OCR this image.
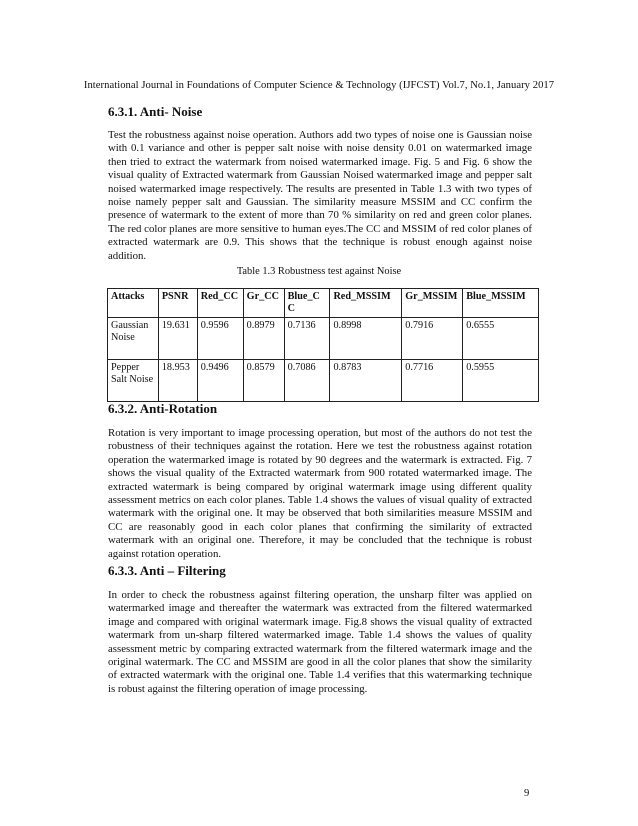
International Journal in Foundations of Computer Science & Technology (IJFCST) Vol.7, No.1, January 2017
6.3.1. Anti- Noise
Test the robustness against noise operation. Authors add two types of noise one is Gaussian noise with 0.1 variance and other is pepper salt noise with noise density 0.01 on watermarked image then tried to extract the watermark from noised watermarked image. Fig. 5 and Fig. 6 show the visual quality of Extracted watermark from Gaussian Noised watermarked image and pepper salt noised watermarked image respectively. The results are presented in Table 1.3 with two types of noise namely pepper salt and Gaussian. The similarity measure MSSIM and CC confirm the presence of watermark to the extent of more than 70 % similarity on red and green color planes. The red color planes are more sensitive to human eyes.The CC and MSSIM of red color planes of extracted watermark are 0.9. This shows that the technique is robust enough against noise addition.
Table 1.3 Robustness test against Noise
Attacks	PSNR	Red_CC	Gr_CC	Blue_C C	Red_MSSIM	Gr_MSSIM	Blue_MSSIM
Gaussian Noise	19.631	0.9596	0.8979	0.7136	0.8998	0.7916	0.6555
Pepper Salt Noise	18.953	0.9496	0.8579	0.7086	0.8783	0.7716	0.5955
6.3.2. Anti-Rotation
Rotation is very important to image processing operation, but most of the authors do not test the robustness of their techniques against the rotation. Here we test the robustness against rotation operation the watermarked image is rotated by 90 degrees and the watermark is extracted. Fig. 7 shows the visual quality of the Extracted watermark from 900 rotated watermarked image. The extracted watermark is being compared by original watermark image using different quality assessment metrics on each color planes. Table 1.4 shows the values of visual quality of extracted watermark with the original one. It may be observed that both similarities measure MSSIM and CC are reasonably good in each color planes that confirming the similarity of extracted watermark with an original one. Therefore, it may be concluded that the technique is robust against rotation operation.
6.3.3. Anti – Filtering
In order to check the robustness against filtering operation, the unsharp filter was applied on watermarked image and thereafter the watermark was extracted from the filtered watermarked image and compared with original watermark image. Fig.8 shows the visual quality of extracted watermark from un-sharp filtered watermarked image. Table 1.4 shows the values of quality assessment metric by comparing extracted watermark from the filtered watermark image and the original watermark. The CC and MSSIM are good in all the color planes that show the similarity of extracted watermark with the original one. Table 1.4 verifies that this watermarking technique is robust against the filtering operation of image processing.
9
